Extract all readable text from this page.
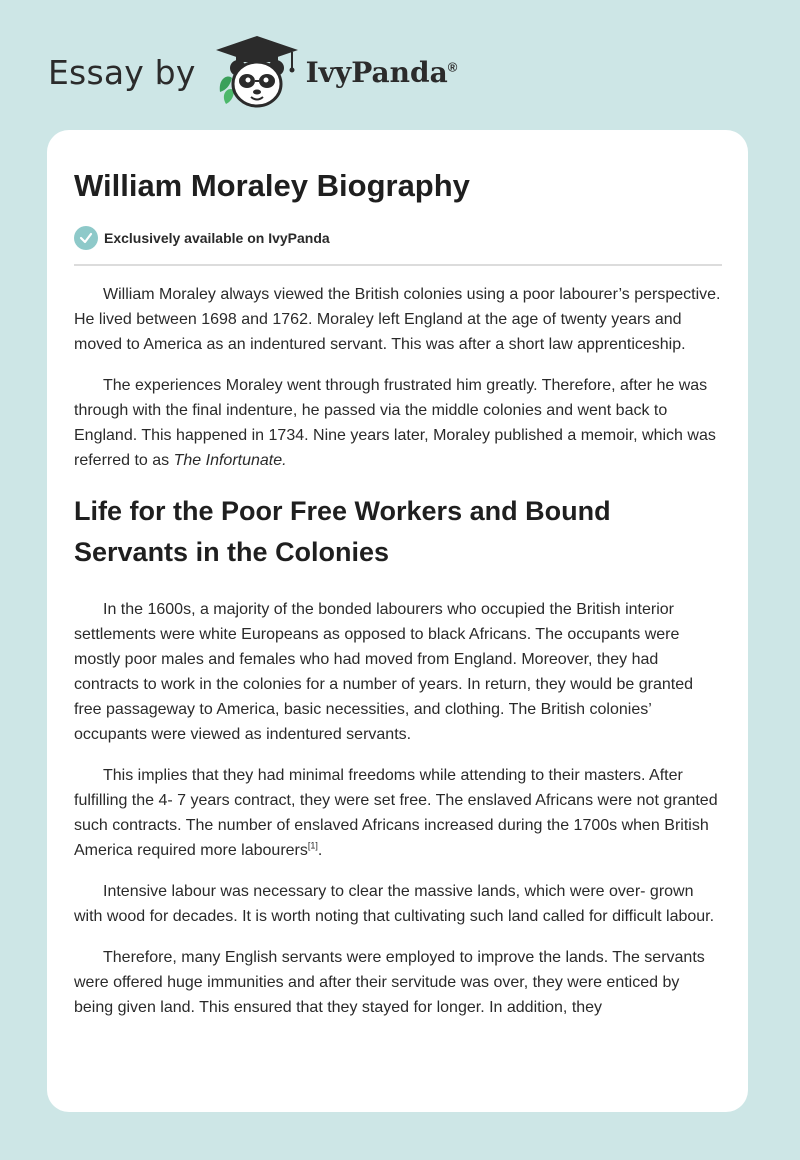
Essay by	IvyPanda®
William Moraley Biography
Exclusively available on IvyPanda

William Moraley always viewed the British colonies using a poor labourer’s perspective. He lived between 1698 and 1762. Moraley left England at the age of twenty years and moved to America as an indentured servant. This was after a short law apprenticeship.

The experiences Moraley went through frustrated him greatly. Therefore, after he was through with the final indenture, he passed via the middle colonies and went back to England. This happened in 1734. Nine years later, Moraley published a memoir, which was referred to as The Infortunate.

Life for the Poor Free Workers and Bound Servants in the Colonies

In the 1600s, a majority of the bonded labourers who occupied the British interior settlements were white Europeans as opposed to black Africans. The occupants were mostly poor males and females who had moved from England. Moreover, they had contracts to work in the colonies for a number of years. In return, they would be granted free passageway to America, basic necessities, and clothing. The British colonies’ occupants were viewed as indentured servants.

This implies that they had minimal freedoms while attending to their masters. After fulfilling the 4- 7 years contract, they were set free. The enslaved Africans were not granted such contracts. The number of enslaved Africans increased during the 1700s when British America required more labourers[1].

Intensive labour was necessary to clear the massive lands, which were over- grown with wood for decades. It is worth noting that cultivating such land called for difficult labour.

Therefore, many English servants were employed to improve the lands. The servants were offered huge immunities and after their servitude was over, they were enticed by being given land. This ensured that they stayed for longer. In addition, they
